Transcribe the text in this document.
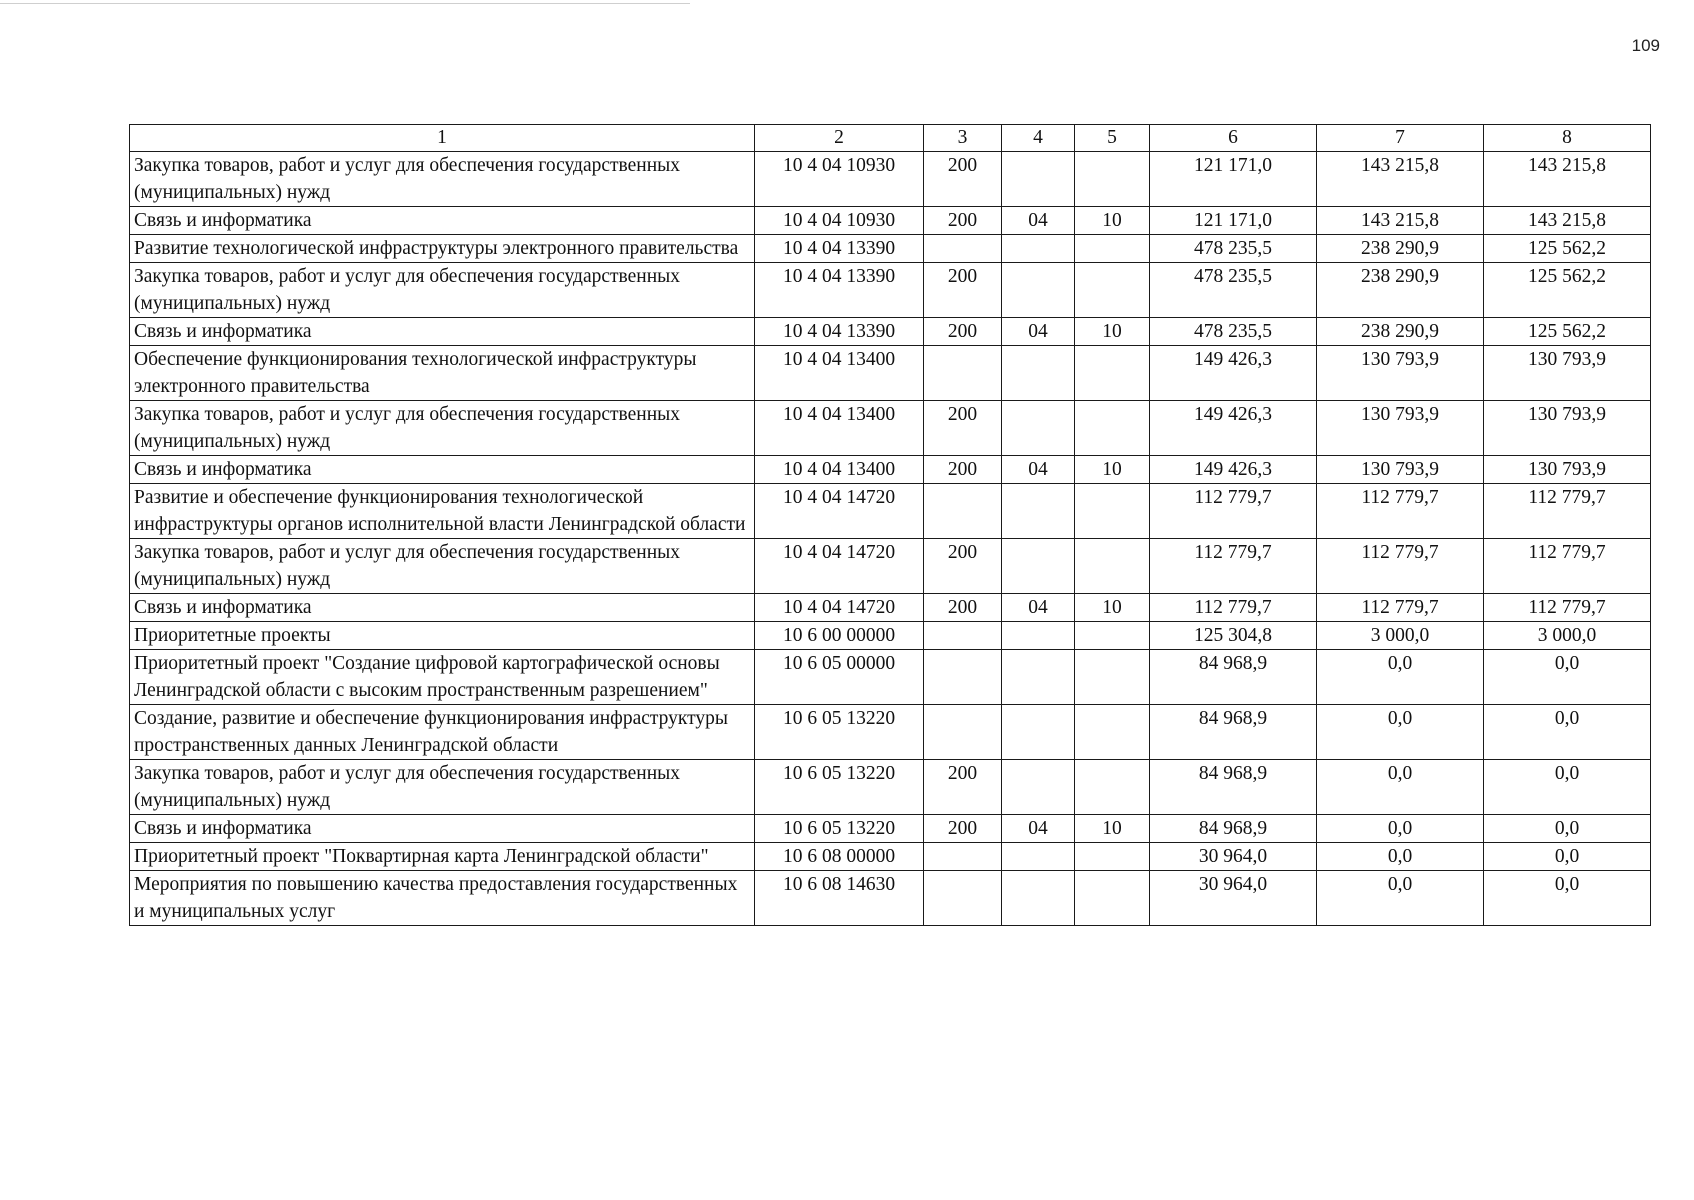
109
1	2	3	4	5	6	7	8
Закупка товаров, работ и услуг для обеспечения государственных (муниципальных) нужд	10 4 04 10930	200			121 171,0	143 215,8	143 215,8
Связь и информатика	10 4 04 10930	200	04	10	121 171,0	143 215,8	143 215,8
Развитие технологической инфраструктуры электронного правительства	10 4 04 13390				478 235,5	238 290,9	125 562,2
Закупка товаров, работ и услуг для обеспечения государственных (муниципальных) нужд	10 4 04 13390	200			478 235,5	238 290,9	125 562,2
Связь и информатика	10 4 04 13390	200	04	10	478 235,5	238 290,9	125 562,2
Обеспечение функционирования технологической инфраструктуры электронного правительства	10 4 04 13400				149 426,3	130 793,9	130 793,9
Закупка товаров, работ и услуг для обеспечения государственных (муниципальных) нужд	10 4 04 13400	200			149 426,3	130 793,9	130 793,9
Связь и информатика	10 4 04 13400	200	04	10	149 426,3	130 793,9	130 793,9
Развитие и обеспечение функционирования технологической инфраструктуры органов исполнительной власти Ленинградской области	10 4 04 14720				112 779,7	112 779,7	112 779,7
Закупка товаров, работ и услуг для обеспечения государственных (муниципальных) нужд	10 4 04 14720	200			112 779,7	112 779,7	112 779,7
Связь и информатика	10 4 04 14720	200	04	10	112 779,7	112 779,7	112 779,7
Приоритетные проекты	10 6 00 00000				125 304,8	3 000,0	3 000,0
Приоритетный проект "Создание цифровой картографической основы Ленинградской области с высоким пространственным разрешением"	10 6 05 00000				84 968,9	0,0	0,0
Создание, развитие и обеспечение функционирования инфраструктуры пространственных данных Ленинградской области	10 6 05 13220				84 968,9	0,0	0,0
Закупка товаров, работ и услуг для обеспечения государственных (муниципальных) нужд	10 6 05 13220	200			84 968,9	0,0	0,0
Связь и информатика	10 6 05 13220	200	04	10	84 968,9	0,0	0,0
Приоритетный проект "Поквартирная карта Ленинградской области"	10 6 08 00000				30 964,0	0,0	0,0
Мероприятия по повышению качества предоставления государственных и муниципальных услуг	10 6 08 14630				30 964,0	0,0	0,0
